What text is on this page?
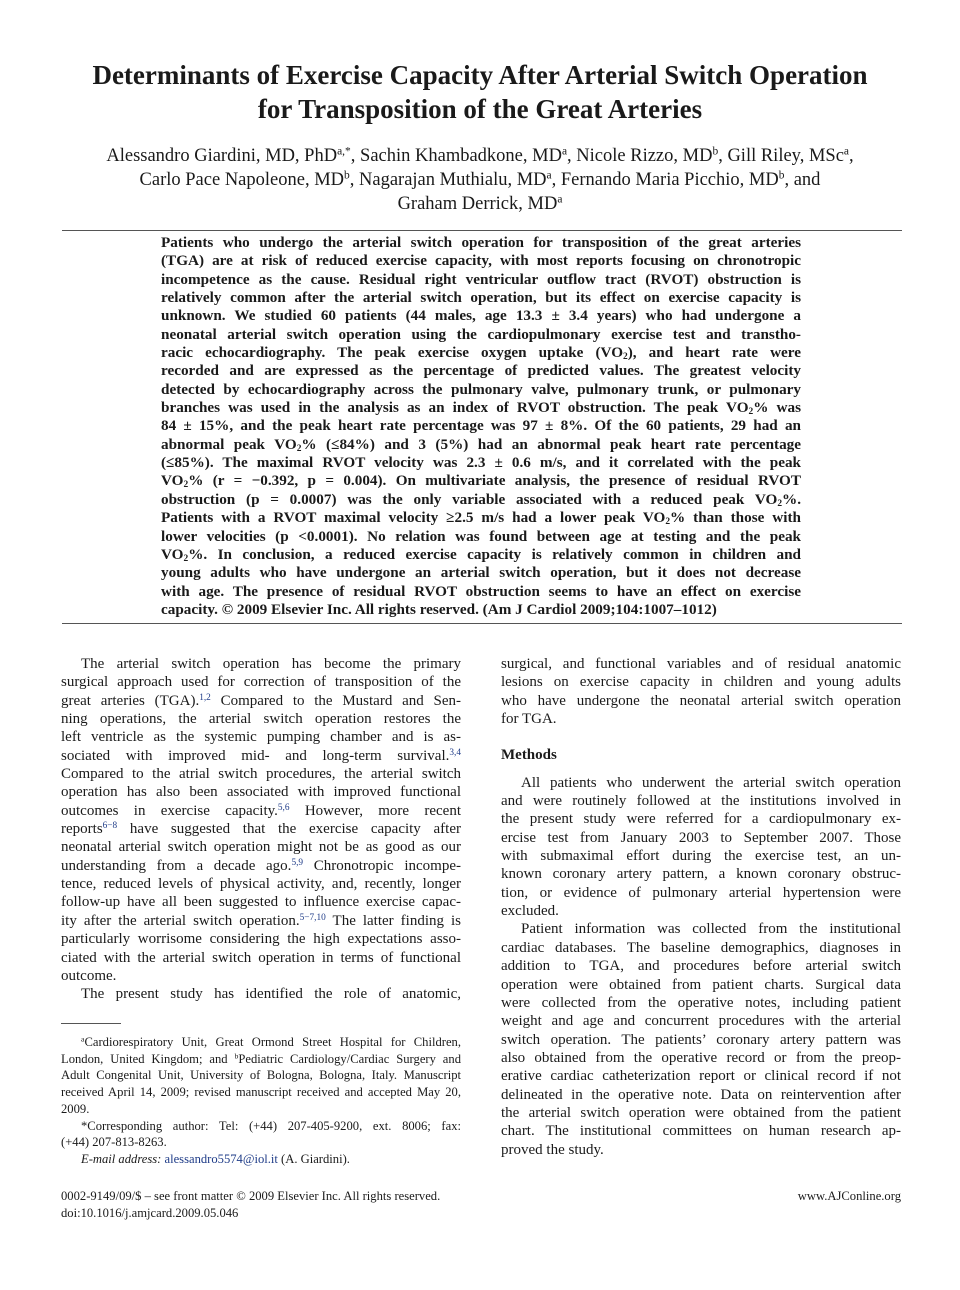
Determinants of Exercise Capacity After Arterial Switch Operation
for Transposition of the Great Arteries
Alessandro Giardini, MD, PhD$^{a,*}$, Sachin Khambadkone, $MD^a$, Nicole Rizzo, $MD^b$, Gill Riley, MSc$^a$,
Carlo Pace Napoleone, $MD^b$, Nagarajan Muthialu, $MD^a$, Fernando Maria Picchio, $MD^b$, and
Graham Derrick, $MD^a$
Patients who undergo the arterial switch operation for transposition of the great arteries
(TGA) are at risk of reduced exercise capacity, with most reports focusing on chronotropic
incompetence as the cause. Residual right ventricular outflow tract (RVOT) obstruction is
relatively common after the arterial switch operation, but its effect on exercise capacity is
unknown. We studied 60 patients (44 males, age 13.3 ± 3.4 years) who had undergone a
neonatal arterial switch operation using the cardiopulmonary exercise test and transtho-
racic echocardiography. The peak exercise oxygen uptake $(VO_2)$, and heart rate were
recorded and are expressed as the percentage of predicted values. The greatest velocity
detected by echocardiography across the pulmonary valve, pulmonary trunk, or pulmonary
branches was used in the analysis as an index of RVOT obstruction. The peak $VO_2\%$ was
84 ± 15%, and the peak heart rate percentage was 97 ± 8%. Of the 60 patients, 29 had an
abnormal peak $VO_2\%$ (≤84%) and 3 (5%) had an abnormal peak heart rate percentage
(≤85%). The maximal RVOT velocity was 2.3 ± 0.6 m/s, and it correlated with the peak
$VO_2\%$ (r = −0.392, p = 0.004). On multivariate analysis, the presence of residual RVOT
obstruction (p = 0.0007) was the only variable associated with a reduced peak $VO_2\%$.
Patients with a RVOT maximal velocity ≥2.5 m/s had a lower peak $VO_2\%$ than those with
lower velocities (p <0.0001). No relation was found between age at testing and the peak
$VO_2\%$. In conclusion, a reduced exercise capacity is relatively common in children and
young adults who have undergone an arterial switch operation, but it does not decrease
with age. The presence of residual RVOT obstruction seems to have an effect on exercise
capacity. © 2009 Elsevier Inc. All rights reserved. (Am J Cardiol 2009;104:1007–1012)
The arterial switch operation has become the primary
surgical approach used for correction of transposition of the
great arteries (TGA).$^{1,2}$ Compared to the Mustard and Sen-
ning operations, the arterial switch operation restores the
left ventricle as the systemic pumping chamber and is as-
sociated with improved mid- and long-term survival.$^{3,4}$
Compared to the atrial switch procedures, the arterial switch
operation has also been associated with improved functional
outcomes in exercise capacity.$^{5,6}$ However, more recent
reports$^{6-8}$ have suggested that the exercise capacity after
neonatal arterial switch operation might not be as good as our
understanding from a decade ago.$^{5,9}$ Chronotropic incompe-
tence, reduced levels of physical activity, and, recently, longer
follow-up have all been suggested to influence exercise capac-
ity after the arterial switch operation.$^{5-7,10}$ The latter finding is
particularly worrisome considering the high expectations asso-
ciated with the arterial switch operation in terms of functional
outcome.
The present study has identified the role of anatomic,
surgical, and functional variables and of residual anatomic
lesions on exercise capacity in children and young adults
who have undergone the neonatal arterial switch operation
for TGA.
Methods
All patients who underwent the arterial switch operation
and were routinely followed at the institutions involved in
the present study were referred for a cardiopulmonary ex-
ercise test from January 2003 to September 2007. Those
with submaximal effort during the exercise test, an un-
known coronary artery pattern, a known coronary obstruc-
tion, or evidence of pulmonary arterial hypertension were
excluded.
Patient information was collected from the institutional
cardiac databases. The baseline demographics, diagnoses in
addition to TGA, and procedures before arterial switch
operation were obtained from patient charts. Surgical data
were collected from the operative notes, including patient
weight and age and concurrent procedures with the arterial
switch operation. The patients’ coronary artery pattern was
also obtained from the operative record or from the preop-
erative cardiac catheterization report or clinical record if not
delineated in the operative note. Data on reintervention after
the arterial switch operation were obtained from the patient
chart. The institutional committees on human research ap-
proved the study.
$^a$Cardiorespiratory Unit, Great Ormond Street Hospital for Children,
London, United Kingdom; and $^b$Pediatric Cardiology/Cardiac Surgery and
Adult Congenital Unit, University of Bologna, Bologna, Italy. Manuscript
received April 14, 2009; revised manuscript received and accepted May 20,
2009.
*Corresponding author: Tel: (+44) 207-405-9200, ext. 8006; fax:
(+44) 207-813-8263.
E-mail address: alessandro5574@iol.it (A. Giardini).
0002-9149/09/$ – see front matter © 2009 Elsevier Inc. All rights reserved.
doi:10.1016/j.amjcard.2009.05.046
www.AJConline.org
